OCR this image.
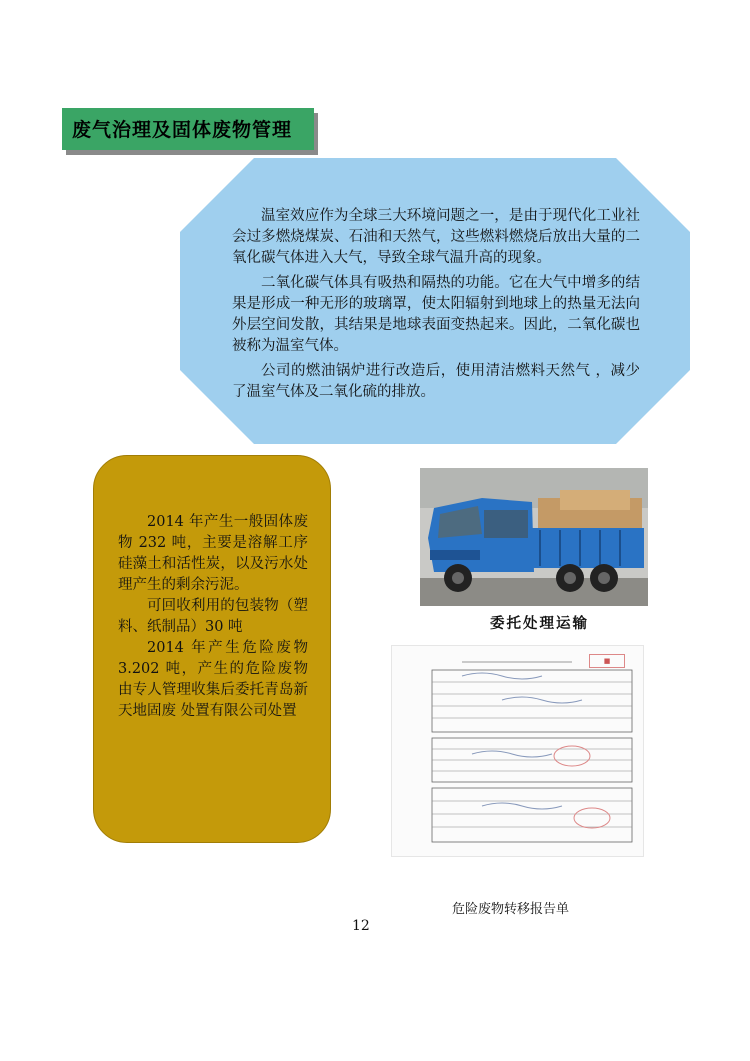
废气治理及固体废物管理

温室效应作为全球三大环境问题之一，是由于现代化工业社会过多燃烧煤炭、石油和天然气，这些燃料燃烧后放出大量的二氧化碳气体进入大气，导致全球气温升高的现象。

二氧化碳气体具有吸热和隔热的功能。它在大气中增多的结果是形成一种无形的玻璃罩，使太阳辐射到地球上的热量无法向外层空间发散，其结果是地球表面变热起来。因此，二氧化碳也被称为温室气体。

公司的燃油锅炉进行改造后，使用清洁燃料天然气 ，减少了温室气体及二氧化硫的排放。

2014 年产生一般固体废物 232 吨，主要是溶解工序硅藻土和活性炭，以及污水处理产生的剩余污泥。

可回收利用的包装物（塑料、纸制品）30 吨

2014 年产生危险废物 3.202 吨，产生的危险废物由专人管理收集后委托青岛新天地固废 处置有限公司处置

委托处理运输
■
危险废物转移报告单
12
